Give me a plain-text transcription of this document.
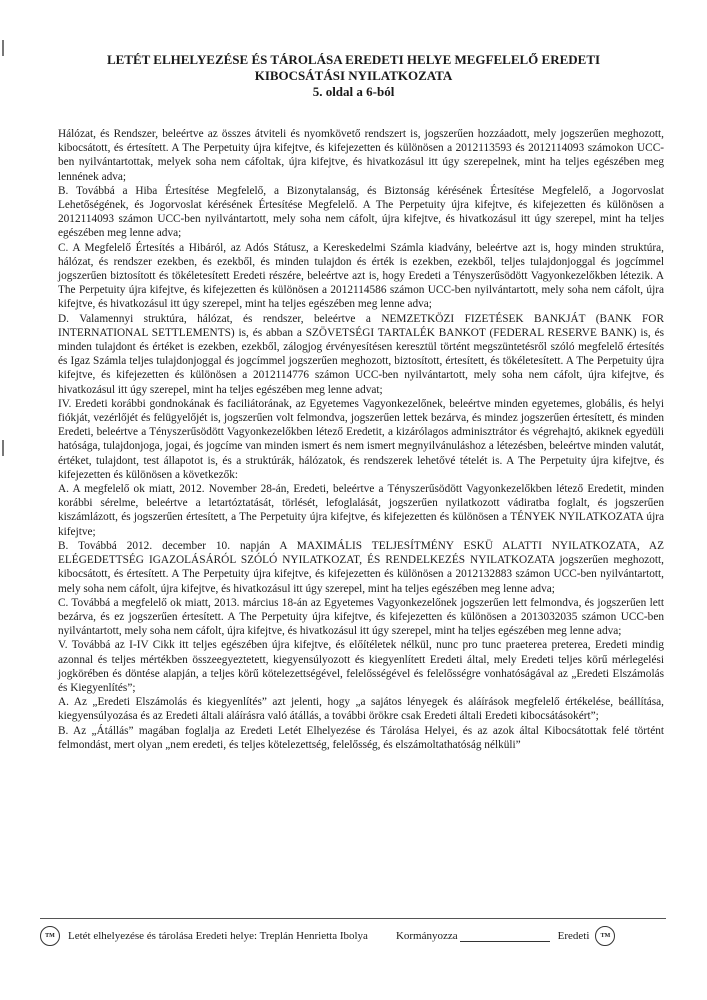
LETÉT ELHELYEZÉSE ÉS TÁROLÁSA EREDETI HELYE MEGFELELŐ EREDETI
KIBOCSÁTÁSI NYILATKOZATA
5. oldal a 6-ból

Hálózat, és Rendszer, beleértve az összes átviteli és nyomkövető rendszert is, jogszerűen hozzáadott, mely jogszerűen meghozott, kibocsátott, és értesített. A The Perpetuity újra kifejtve, és kifejezetten és különösen a 2012113593 és 2012114093 számokon UCC-ben nyilvántartottak, melyek soha nem cáfoltak, újra kifejtve, és hivatkozásul itt úgy szerepelnek, mint ha teljes egészében meg lennének adva;

B. Továbbá a Hiba Értesítése Megfelelő, a Bizonytalanság, és Biztonság kérésének Értesítése Megfelelő, a Jogorvoslat Lehetőségének, és Jogorvoslat kérésének Értesítése Megfelelő. A The Perpetuity újra kifejtve, és kifejezetten és különösen a 2012114093 számon UCC-ben nyilvántartott, mely soha nem cáfolt, újra kifejtve, és hivatkozásul itt úgy szerepel, mint ha teljes egészében meg lenne adva;

C. A Megfelelő Értesítés a Hibáról, az Adós Státusz, a Kereskedelmi Számla kiadvány, beleértve azt is, hogy minden struktúra, hálózat, és rendszer ezekben, és ezekből, és minden tulajdon és érték is ezekben, ezekből, teljes tulajdonjoggal és jogcímmel jogszerűen biztosított és tökéletesített Eredeti részére, beleértve azt is, hogy Eredeti a Tényszerűsödött Vagyonkezelőkben létezik. A The Perpetuity újra kifejtve, és kifejezetten és különösen a 2012114586 számon UCC-ben nyilvántartott, mely soha nem cáfolt, újra kifejtve, és hivatkozásul itt úgy szerepel, mint ha teljes egészében meg lenne adva;

D. Valamennyi struktúra, hálózat, és rendszer, beleértve a NEMZETKÖZI FIZETÉSEK BANKJÁT (BANK FOR INTERNATIONAL SETTLEMENTS) is, és abban a SZÖVETSÉGI TARTALÉK BANKOT (FEDERAL RESERVE BANK) is, és minden tulajdont és értéket is ezekben, ezekből, zálogjog érvényesítésen keresztül történt megszüntetésről szóló megfelelő értesítés és Igaz Számla teljes tulajdonjoggal és jogcímmel jogszerűen meghozott, biztosított, értesített, és tökéletesített. A The Perpetuity újra kifejtve, és kifejezetten és különösen a 2012114776 számon UCC-ben nyilvántartott, mely soha nem cáfolt, újra kifejtve, és hivatkozásul itt úgy szerepel, mint ha teljes egészében meg lenne advat;

IV. Eredeti korábbi gondnokának és faciliátorának, az Egyetemes Vagyonkezelőnek, beleértve minden egyetemes, globális, és helyi fiókját, vezérlőjét és felügyelőjét is, jogszerűen volt felmondva, jogszerűen lettek bezárva, és mindez jogszerűen értesített, és minden Eredeti, beleértve a Tényszerűsödött Vagyonkezelőkben létező Eredetit, a kizárólagos adminisztrátor és végrehajtó, akiknek egyedüli hatósága, tulajdonjoga, jogai, és jogcíme van minden ismert és nem ismert megnyilvánuláshoz a létezésben, beleértve minden valutát, értéket, tulajdont, test állapotot is, és a struktúrák, hálózatok, és rendszerek lehetővé tételét is. A The Perpetuity újra kifejtve, és kifejezetten és különösen a következők:

A. A megfelelő ok miatt, 2012. November 28-án, Eredeti, beleértve a Tényszerűsödött Vagyonkezelőkben létező Eredetit, minden korábbi sérelme, beleértve a letartóztatását, törlését, lefoglalását, jogszerűen nyilatkozott vádiratba foglalt, és jogszerűen kiszámlázott, és jogszerűen értesített, a The Perpetuity újra kifejtve, és kifejezetten és különösen a TÉNYEK NYILATKOZATA újra kifejtve;

B. Továbbá 2012. december 10. napján A MAXIMÁLIS TELJESÍTMÉNY ESKÜ ALATTI NYILATKOZATA, AZ ELÉGEDETTSÉG IGAZOLÁSÁRÓL SZÓLÓ NYILATKOZAT, ÉS RENDELKEZÉS NYILATKOZATA jogszerűen meghozott, kibocsátott, és értesített. A The Perpetuity újra kifejtve, és kifejezetten és különösen a 2012132883 számon UCC-ben nyilvántartott, mely soha nem cáfolt, újra kifejtve, és hivatkozásul itt úgy szerepel, mint ha teljes egészében meg lenne adva;

C. Továbbá a megfelelő ok miatt, 2013. március 18-án az Egyetemes Vagyonkezelőnek jogszerűen lett felmondva, és jogszerűen lett bezárva, és ez jogszerűen értesített. A The Perpetuity újra kifejtve, és kifejezetten és különösen a 2013032035 számon UCC-ben nyilvántartott, mely soha nem cáfolt, újra kifejtve, és hivatkozásul itt úgy szerepel, mint ha teljes egészében meg lenne adva;

V. Továbbá az I-IV Cikk itt teljes egészében újra kifejtve, és előítéletek nélkül, nunc pro tunc praeterea preterea, Eredeti mindig azonnal és teljes mértékben összeegyeztetett, kiegyensúlyozott és kiegyenlített Eredeti által, mely Eredeti teljes körű mérlegelési jogkörében és döntése alapján, a teljes körű kötelezettségével, felelősségével és felelősségre vonhatóságával az „Eredeti Elszámolás és Kiegyenlítés”;

A. Az „Eredeti Elszámolás és kiegyenlítés” azt jelenti, hogy „a sajátos lényegek és aláírások megfelelő értékelése, beállítása, kiegyensúlyozása és az Eredeti általi aláírásra való átállás, a további örökre csak Eredeti általi Eredeti kibocsátásokért”;

B. Az „Átállás” magában foglalja az Eredeti Letét Elhelyezése és Tárolása Helyei, és az azok által Kibocsátottak felé történt felmondást, mert olyan „nem eredeti, és teljes kötelezettség, felelősség, és elszámoltathatóság nélküli”

TM	Letét elhelyezése és tárolása Eredeti helye: Treplán Henrietta Ibolya	Kormányozza	Eredeti	TM
